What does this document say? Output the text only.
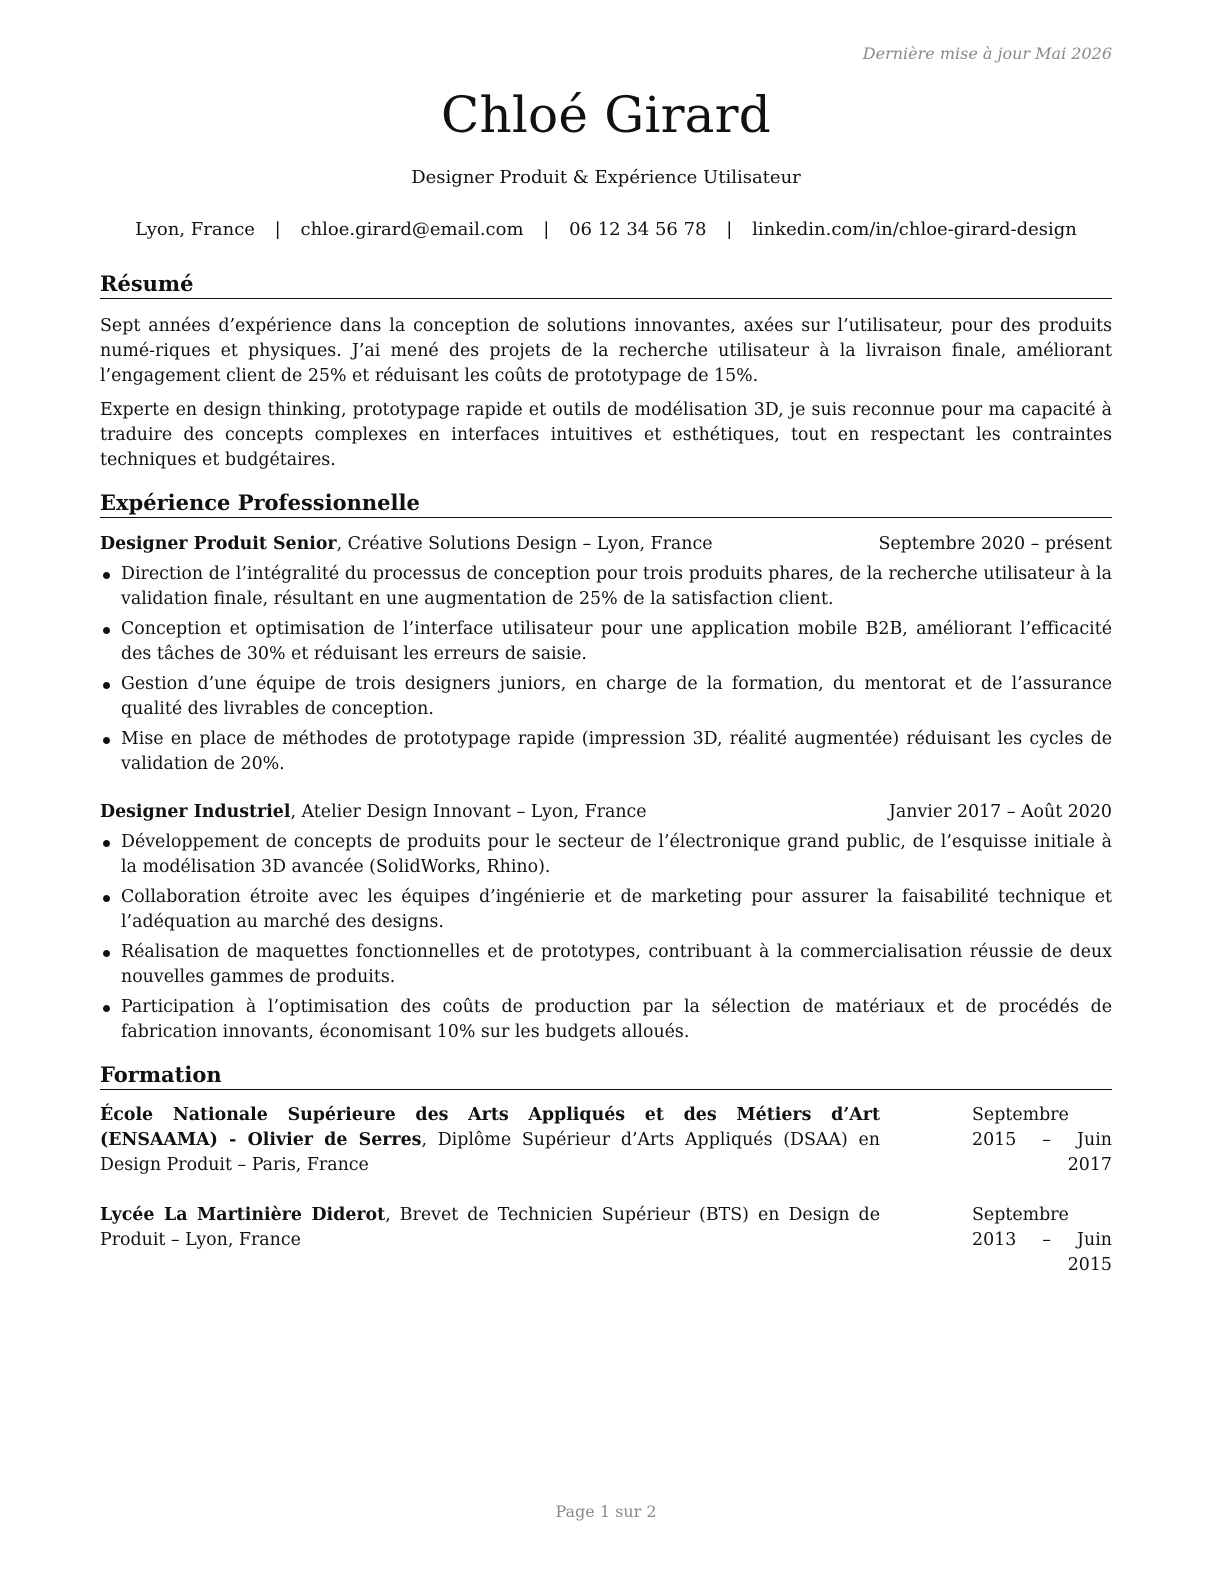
Dernière mise à jour Mai 2026
Chloé Girard
Designer Produit & Expérience Utilisateur
Lyon, France | chloe.girard@email.com | 06 12 34 56 78 | linkedin.com/in/chloe-girard-design
Résumé

Sept années d’expérience dans la conception de solutions innovantes, axées sur l’utilisateur, pour des produits numé-riques et physiques. J’ai mené des projets de la recherche utilisateur à la livraison finale, améliorant l’engagement client de 25% et réduisant les coûts de prototypage de 15%.

Experte en design thinking, prototypage rapide et outils de modélisation 3D, je suis reconnue pour ma capacité à traduire des concepts complexes en interfaces intuitives et esthétiques, tout en respectant les contraintes techniques et budgétaires.

Expérience Professionnelle
Designer Produit Senior, Créative Solutions Design – Lyon, France	Septembre 2020 – présent
Direction de l’intégralité du processus de conception pour trois produits phares, de la recherche utilisateur à la validation finale, résultant en une augmentation de 25% de la satisfaction client.
Conception et optimisation de l’interface utilisateur pour une application mobile B2B, améliorant l’efficacité des tâches de 30% et réduisant les erreurs de saisie.
Gestion d’une équipe de trois designers juniors, en charge de la formation, du mentorat et de l’assurance qualité des livrables de conception.
Mise en place de méthodes de prototypage rapide (impression 3D, réalité augmentée) réduisant les cycles de validation de 20%.
Designer Industriel, Atelier Design Innovant – Lyon, France	Janvier 2017 – Août 2020
Développement de concepts de produits pour le secteur de l’électronique grand public, de l’esquisse initiale à la modélisation 3D avancée (SolidWorks, Rhino).
Collaboration étroite avec les équipes d’ingénierie et de marketing pour assurer la faisabilité technique et l’adéquation au marché des designs.
Réalisation de maquettes fonctionnelles et de prototypes, contribuant à la commercialisation réussie de deux nouvelles gammes de produits.
Participation à l’optimisation des coûts de production par la sélection de matériaux et de procédés de fabrication innovants, économisant 10% sur les budgets alloués.
Formation
École Nationale Supérieure des Arts Appliqués et des Métiers d’Art (ENSAAMA) - Olivier de Serres, Diplôme Supérieur d’Arts Appliqués (DSAA) en Design Produit – Paris, France
Septembre 2015 – Juin 2017
Lycée La Martinière Diderot, Brevet de Technicien Supérieur (BTS) en Design de Produit – Lyon, France
Septembre 2013 – Juin 2015
Page 1 sur 2
